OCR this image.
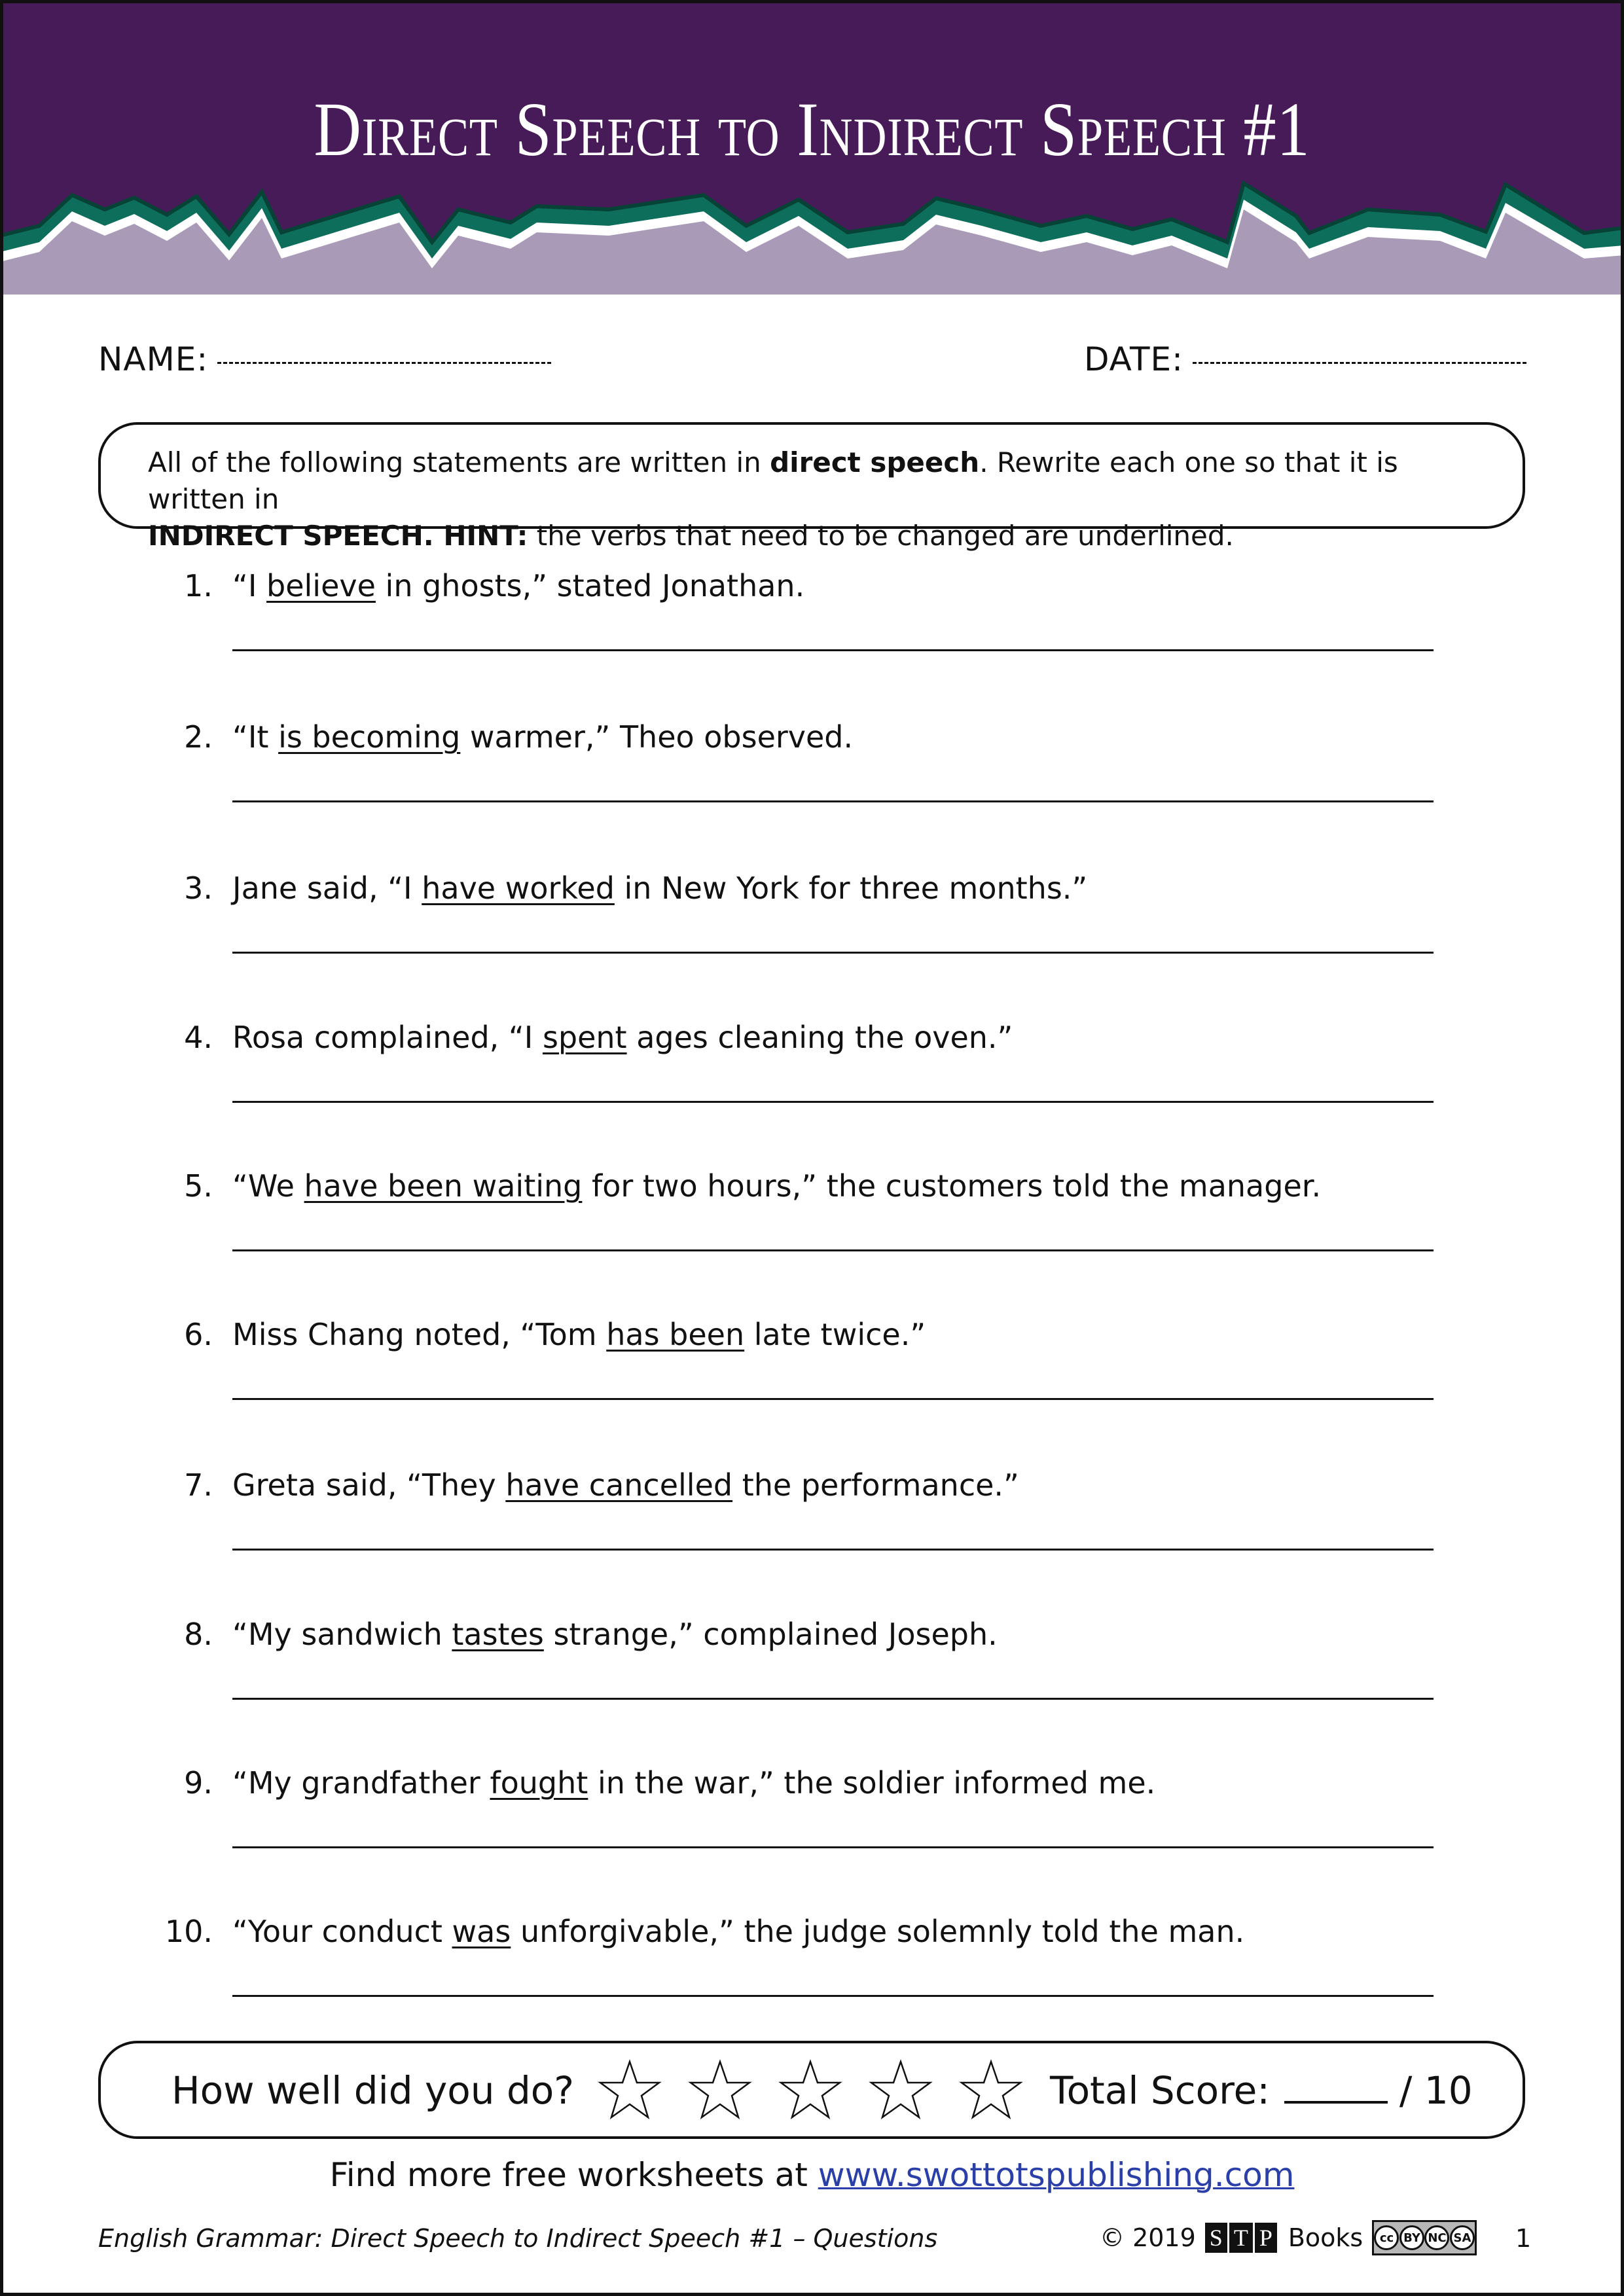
Direct Speech to Indirect Speech #1
NAME:	DATE:
All of the following statements are written in direct speech. Rewrite each one so that it is written in
INDIRECT SPEECH. HINT: the verbs that need to be changed are underlined.
1. “I believe in ghosts,” stated Jonathan.
2. “It is becoming warmer,” Theo observed.
3. Jane said, “I have worked in New York for three months.”
4. Rosa complained, “I spent ages cleaning the oven.”
5. “We have been waiting for two hours,” the customers told the manager.
6. Miss Chang noted, “Tom has been late twice.”
7. Greta said, “They have cancelled the performance.”
8. “My sandwich tastes strange,” complained Joseph.
9. “My grandfather fought in the war,” the soldier informed me.
10. “Your conduct was unforgivable,” the judge solemnly told the man.
How well did you do?	Total Score:	/ 10
Find more free worksheets at www.swottotspublishing.com
English Grammar: Direct Speech to Indirect Speech #1 – Questions	© 2019 S T P Books	cc BY NC SA 1
